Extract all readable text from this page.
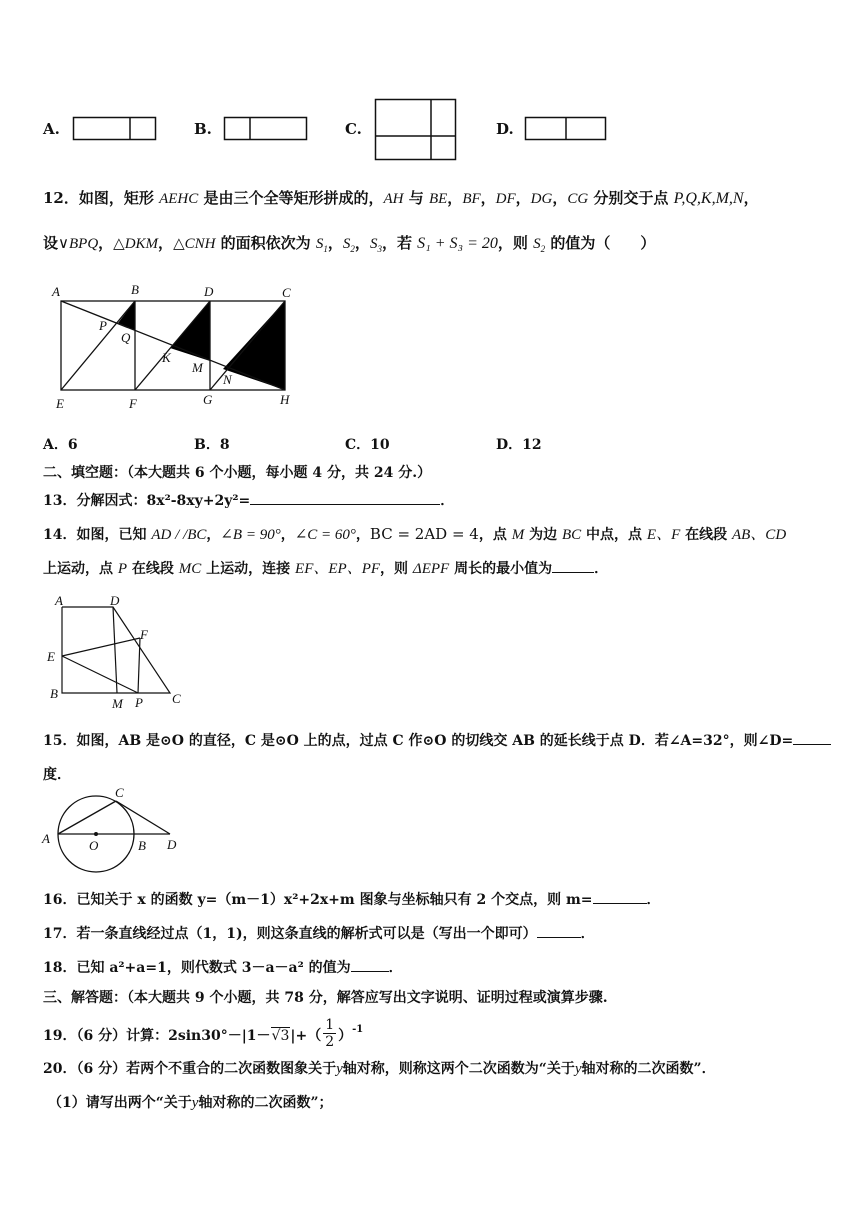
A.	B.	C.	D.
12．如图，矩形 AEHC 是由三个全等矩形拼成的，AH 与 BE，BF，DF，DG，CG 分别交于点 P,Q,K,M,N，
设∨BPQ，△DKM，△CNH 的面积依次为 $S_1$，$S_2$，$S_3$，若 S₁ + S₃ = 20，则 $S_2$ 的值为（　　）
A	B	D	C
P
Q
K
M
N
E	F	G	H
A．6	B．8	C．10	D．12
二、填空题：（本大题共 6 个小题，每小题 4 分，共 24 分.）
13．分解因式：8x²-8xy+2y²=	．
14．如图，已知 AD / /BC，∠B = 90°，∠C = 60°，BC = 2AD = 4，点 M 为边 BC 中点，点 E、F 在线段 AB、CD
上运动，点 P 在线段 MC 上运动，连接 EF、EP、PF，则 ΔEPF 周长的最小值为	．
A	D
F
E
B
M P C
15．如图，AB 是⊙O 的直径，C 是⊙O 上的点，过点 C 作⊙O 的切线交 AB 的延长线于点 D．若∠A=32°，则∠D=
度．
C
A	O	B D
16．已知关于 x 的函数 y=（m－1）x²+2x+m 图象与坐标轴只有 2 个交点，则 m=	．
17．若一条直线经过点（1，1)，则这条直线的解析式可以是（写出一个即可）	．
18．已知 a²+a=1，则代数式 3－a－a² 的值为	．
三、解答题：（本大题共 9 个小题，共 78 分，解答应写出文字说明、证明过程或演算步骤.
19．（6 分）计算：$2\sin 30^\circ-|1-√3|+( \frac{1}{2} )^{-1}$
20．（6 分）若两个不重合的二次函数图象关于y轴对称，则称这两个二次函数为“关于y轴对称的二次函数”．
（1）请写出两个“关于y轴对称的二次函数”；
